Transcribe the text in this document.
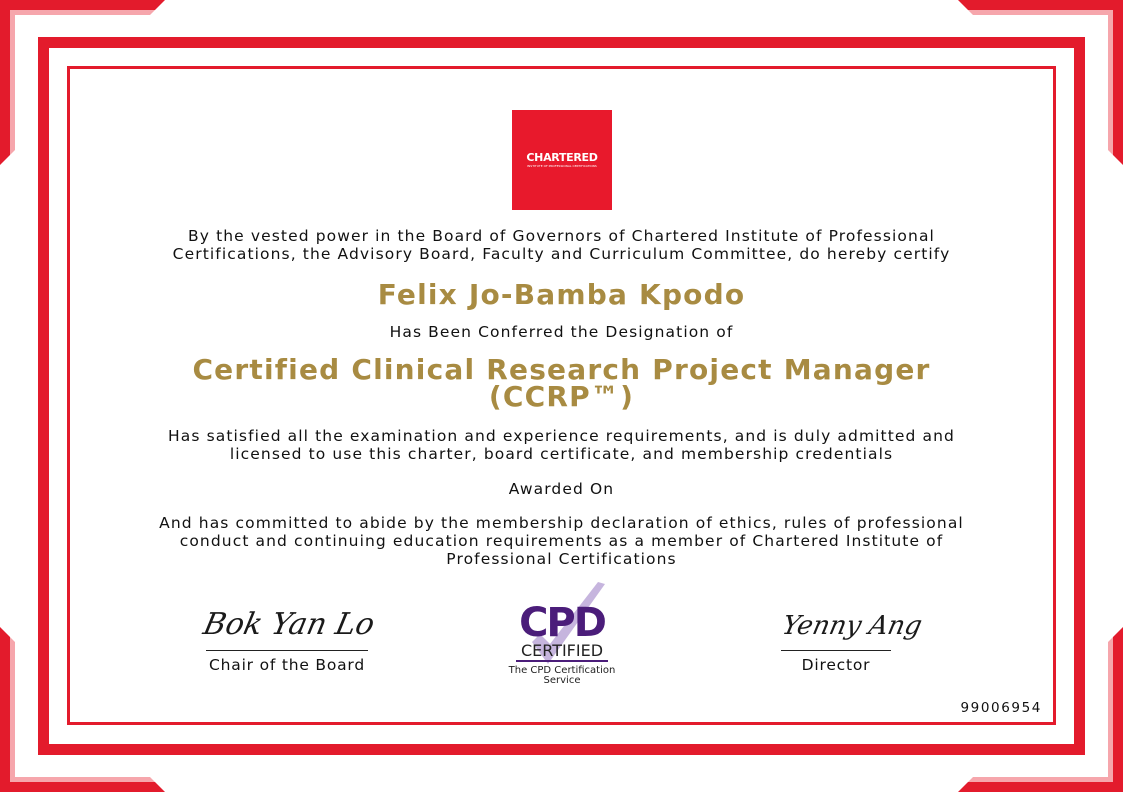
CHARTERED
INSTITUTE OF PROFESSIONAL CERTIFICATIONS
By the vested power in the Board of Governors of Chartered Institute of Professional Certifications, the Advisory Board, Faculty and Curriculum Committee, do hereby certify
Felix Jo-Bamba Kpodo
Has Been Conferred the Designation of
Certified Clinical Research Project Manager
(CCRP™)
Has satisfied all the examination and experience requirements, and is duly admitted and licensed to use this charter, board certificate, and membership credentials
Awarded On
And has committed to abide by the membership declaration of ethics, rules of professional conduct and continuing education requirements as a member of Chartered Institute of Professional Certifications
Bok Yan Lo
Chair of the Board
Yenny Ang
Director
CPD
CERTIFIED
The CPD Certification
Service
99006954
